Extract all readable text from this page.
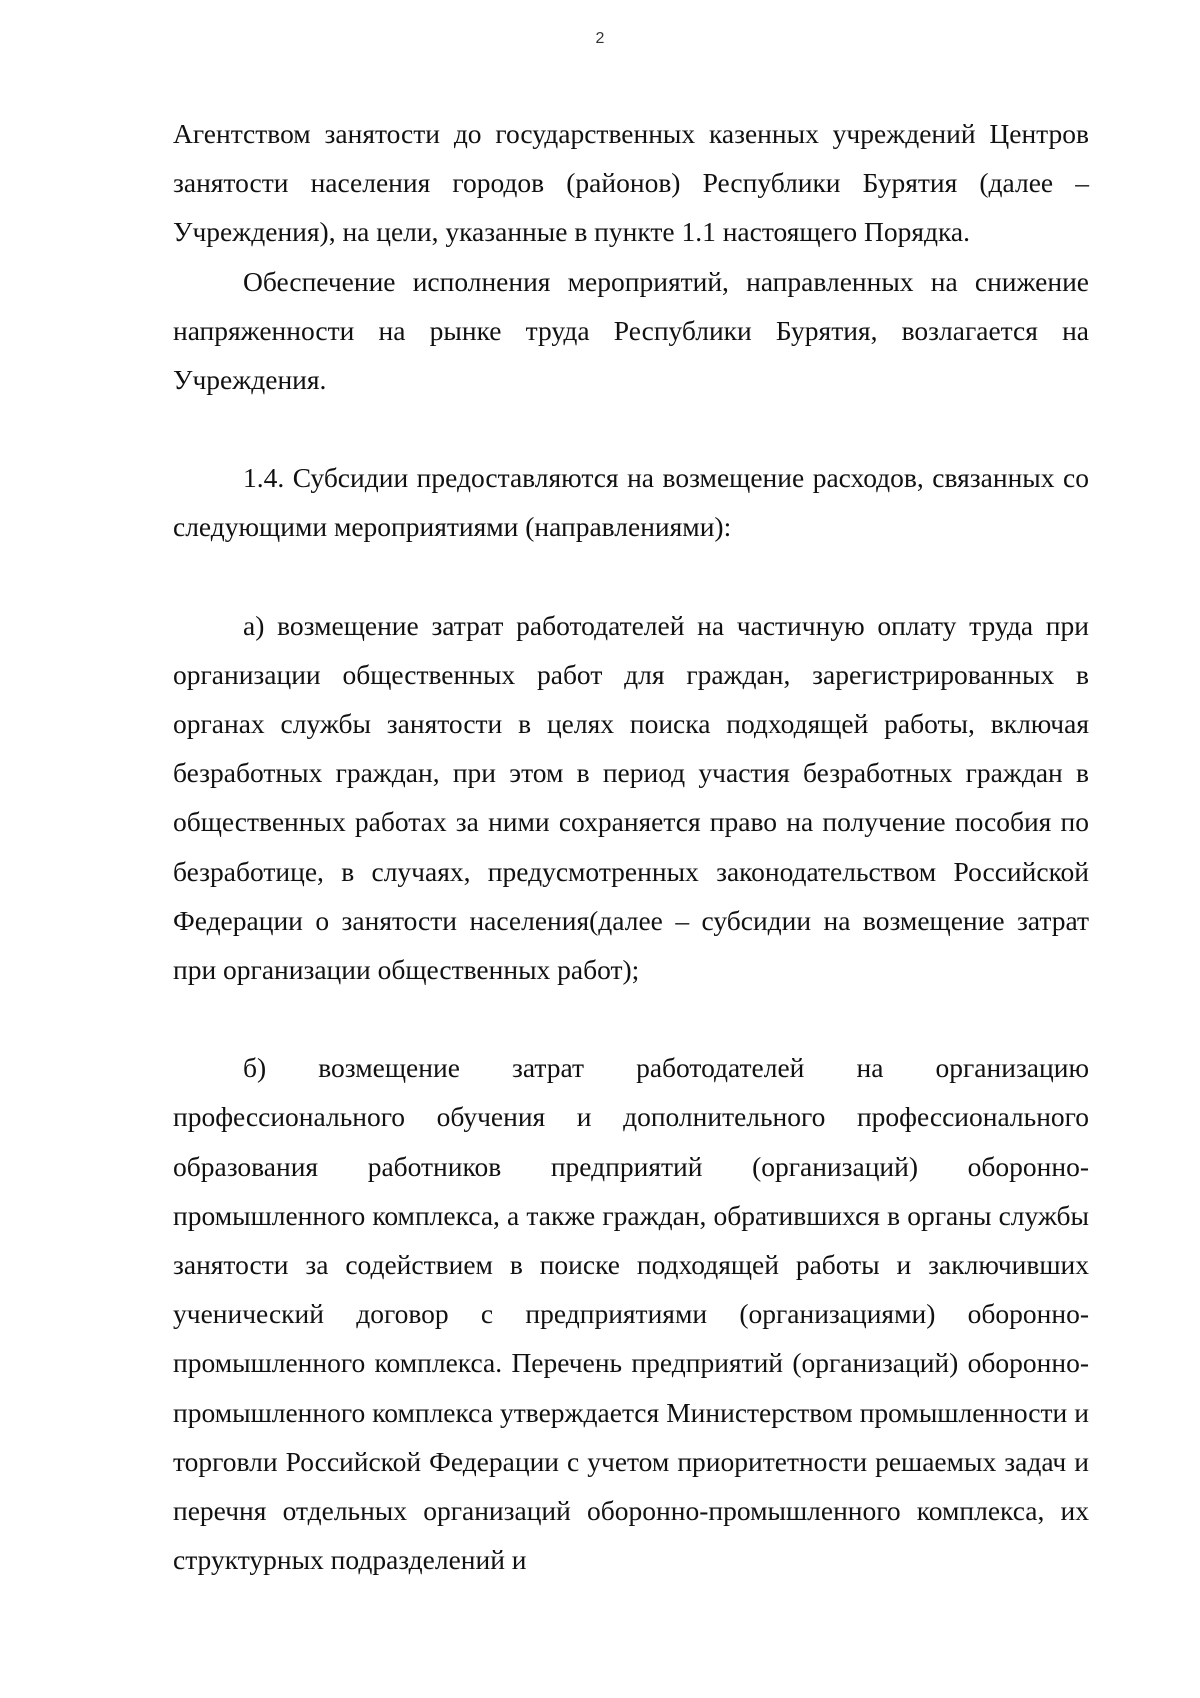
2

Агентством занятости до государственных казенных учреждений Центров занятости населения городов (районов) Республики Бурятия (далее – Учреждения), на цели, указанные в пункте 1.1 настоящего Порядка.

Обеспечение исполнения мероприятий, направленных на снижение напряженности на рынке труда Республики Бурятия, возлагается на Учреждения.

1.4. Субсидии предоставляются на возмещение расходов, связанных со следующими мероприятиями (направлениями):

а) возмещение затрат работодателей на частичную оплату труда при организации общественных работ для граждан, зарегистрированных в органах службы занятости в целях поиска подходящей работы, включая безработных граждан, при этом в период участия безработных граждан в общественных работах за ними сохраняется право на получение пособия по безработице, в случаях, предусмотренных законодательством Российской Федерации о занятости населения(далее – субсидии на возмещение затрат при организации общественных работ);

б) возмещение затрат работодателей на организацию профессионального обучения и дополнительного профессионального образования работников предприятий (организаций) оборонно-промышленного комплекса, а также граждан, обратившихся в органы службы занятости за содействием в поиске подходящей работы и заключивших ученический договор с предприятиями (организациями) оборонно-промышленного комплекса. Перечень предприятий (организаций) оборонно-промышленного комплекса утверждается Министерством промышленности и торговли Российской Федерации с учетом приоритетности решаемых задач и перечня отдельных организаций оборонно-промышленного комплекса, их структурных подразделений и
